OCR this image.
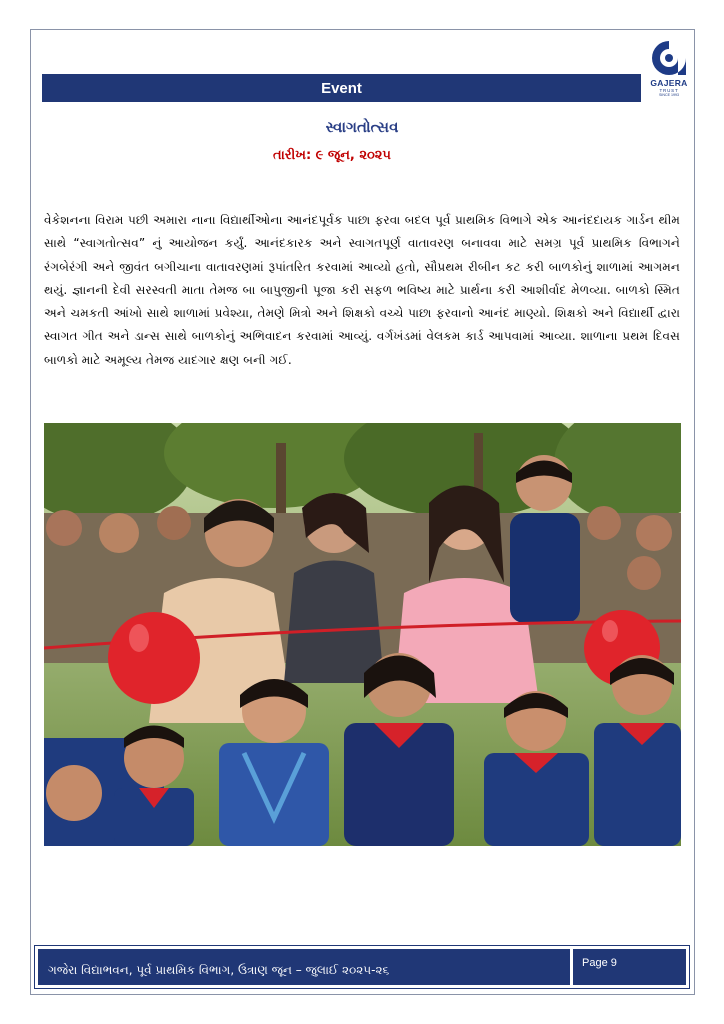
GAJERA
TRUST
SINCE 1993
Event
સ્વાગતોત્સવ
તારીખ: ૯ જૂન, ૨૦૨૫

વેકેશનના વિરામ પછી અમારા નાના વિદ્યાર્થીઓના આનંદપૂર્વક પાછા ફરવા બદલ પૂર્વ પ્રાથમિક વિભાગે એક આનંદદાયક ગાર્ડન થીમ સાથે “સ્વાગતોત્સવ” નું આયોજન કર્યું. આનંદકારક અને સ્વાગતપૂર્ણ વાતાવરણ બનાવવા માટે સમગ્ર પૂર્વ પ્રાથમિક વિભાગને રંગબેરંગી અને જીવંત બગીચાના વાતાવરણમાં રૂપાંતરિત કરવામાં આવ્યો હતો, સૌપ્રથમ રીબીન કટ કરી બાળકોનું શાળામાં આગમન થયું. જ્ઞાનની દેવી સરસ્વતી માતા તેમજ બા બાપુજીની પૂજા કરી સફળ ભવિષ્ય માટે પ્રાર્થના કરી આશીર્વાદ મેળવ્યા. બાળકો સ્મિત અને ચમકતી આંખો સાથે શાળામાં પ્રવેશ્યા, તેમણે મિત્રો અને શિક્ષકો વચ્ચે પાછા ફરવાનો આનંદ માણ્યો. શિક્ષકો અને વિદ્યાર્થી દ્વારા સ્વાગત ગીત અને ડાન્સ સાથે બાળકોનું અભિવાદન કરવામાં આવ્યું. વર્ગખંડમાં વેલકમ કાર્ડ આપવામાં આવ્યા. શાળાના પ્રથમ દિવસ બાળકો માટે અમૂલ્ય તેમજ યાદગાર ક્ષણ બની ગઈ.

ગજેરા વિદ્યાભવન, પૂર્વ પ્રાથમિક વિભાગ, ઉત્રાણ જૂન – જુલાઈ ૨૦૨૫-૨૬	Page 9
